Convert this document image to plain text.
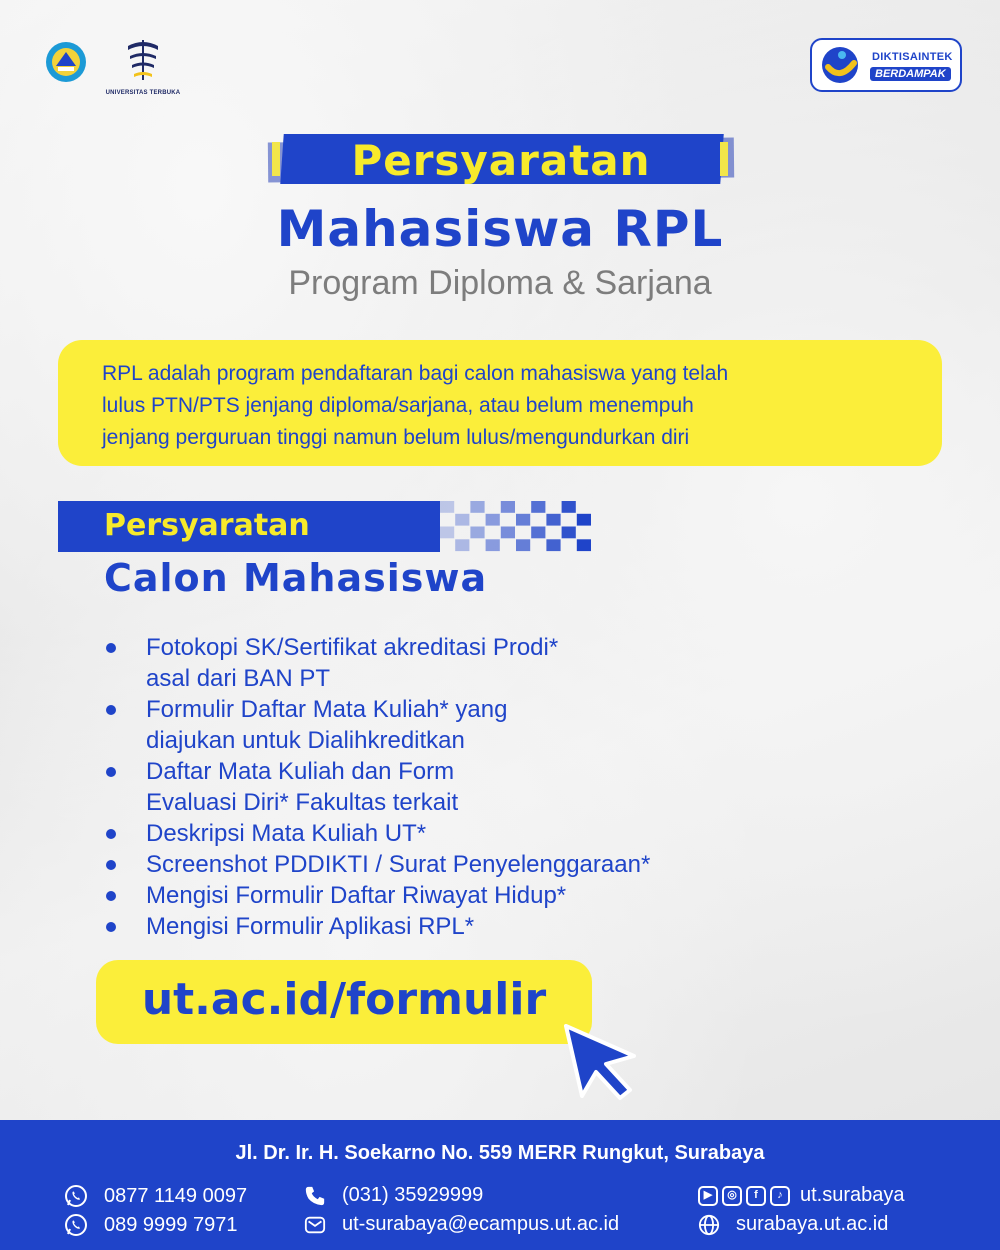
UNIVERSITAS TERBUKA
DIKTISAINTEK
BERDAMPAK
Persyaratan
Mahasiswa RPL
Program Diploma & Sarjana
RPL adalah program pendaftaran bagi calon mahasiswa yang telah
lulus PTN/PTS jenjang diploma/sarjana, atau belum menempuh
jenjang perguruan tinggi namun belum lulus/mengundurkan diri
Persyaratan
Calon Mahasiswa
Fotokopi SK/Sertifikat akreditasi Prodi*
asal dari BAN PT
Formulir Daftar Mata Kuliah* yang
diajukan untuk Dialihkreditkan
Daftar Mata Kuliah dan Form
Evaluasi Diri* Fakultas terkait
Deskripsi Mata Kuliah UT*
Screenshot PDDIKTI / Surat Penyelenggaraan*
Mengisi Formulir Daftar Riwayat Hidup*
Mengisi Formulir Aplikasi RPL*
ut.ac.id/formulir
Jl. Dr. Ir. H. Soekarno No. 559 MERR Rungkut, Surabaya
0877 1149 0097
089 9999 7971
(031) 35929999
ut-surabaya@ecampus.ut.ac.id
▶	◎	f	♪ ut.surabaya
surabaya.ut.ac.id
